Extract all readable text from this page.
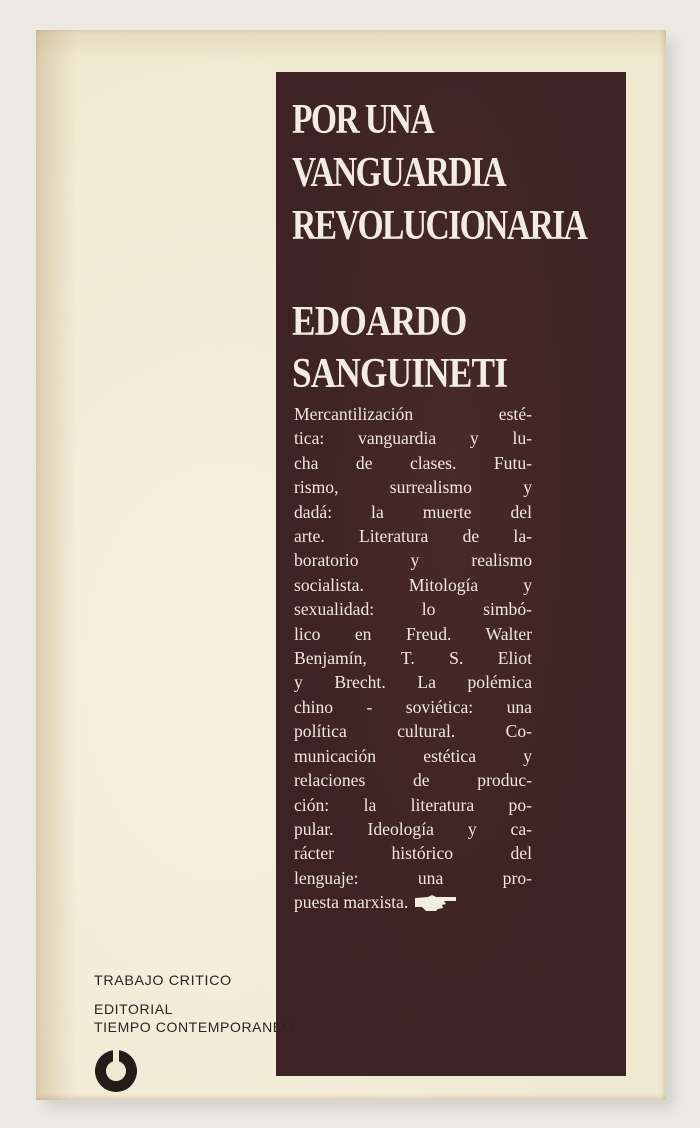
POR UNA
VANGUARDIA
REVOLUCIONARIA
EDOARDO
SANGUINETI
Mercantilización esté-
tica: vanguardia y lu-
cha de clases. Futu-
rismo, surrealismo y
dadá: la muerte del
arte. Literatura de la-
boratorio y realismo
socialista. Mitología y
sexualidad: lo simbó-
lico en Freud. Walter
Benjamín, T. S. Eliot
y Brecht. La polémica
chino - soviética: una
política cultural. Co-
municación estética y
relaciones de produc-
ción: la literatura po-
pular. Ideología y ca-
rácter histórico del
lenguaje: una pro-
puesta marxista.

TRABAJO CRITICO

EDITORIAL
TIEMPO CONTEMPORANEO
